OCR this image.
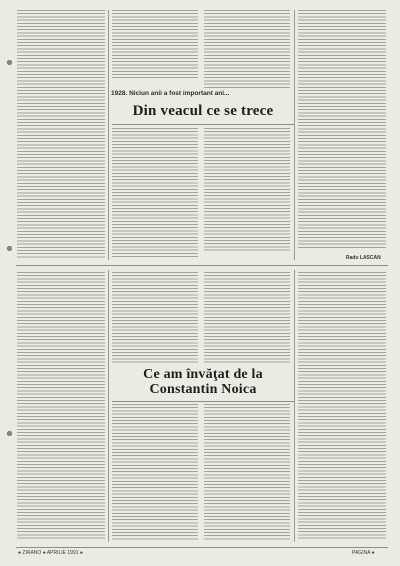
1928. Niciun anii a fost important ani...
Din veacul ce se trece
Radu LASCAN
Ce am învăţat de la
Constantin Noica
● ZIRANO ● APRILIE 1991 ●	PAGINA ●
